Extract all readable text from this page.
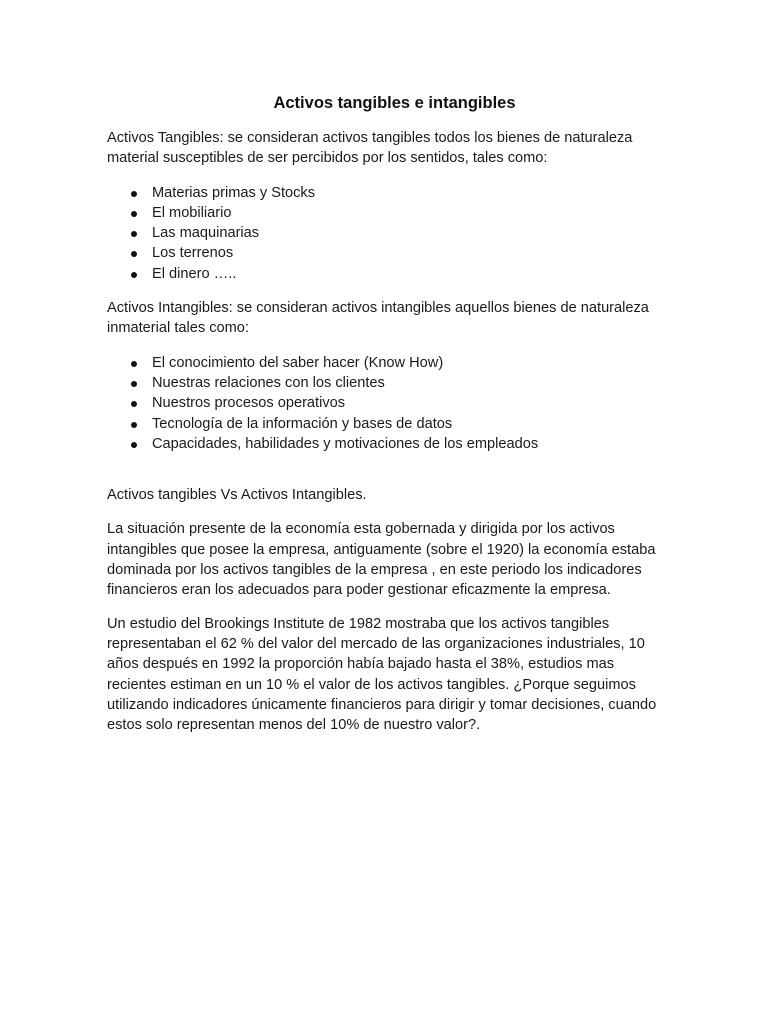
Activos tangibles e intangibles

Activos Tangibles: se consideran activos tangibles todos los bienes de naturaleza material susceptibles de ser percibidos por los sentidos, tales como:

Materias primas y Stocks
El mobiliario
Las maquinarias
Los terrenos
El dinero …..

Activos Intangibles: se consideran activos intangibles aquellos bienes de naturaleza inmaterial tales como:

El conocimiento del saber hacer (Know How)
Nuestras relaciones con los clientes
Nuestros procesos operativos
Tecnología de la información y bases de datos
Capacidades, habilidades y motivaciones de los empleados

Activos tangibles Vs Activos Intangibles.

La situación presente de la economía esta gobernada y dirigida por los activos intangibles que posee la empresa, antiguamente (sobre el 1920) la economía estaba dominada por los activos tangibles de la empresa , en este periodo los indicadores financieros eran los adecuados para poder gestionar eficazmente la empresa.

Un estudio del Brookings Institute de 1982 mostraba que los activos tangibles representaban el 62 % del valor del mercado de las organizaciones industriales, 10 años después en 1992 la proporción había bajado hasta el 38%, estudios mas recientes estiman en un 10 % el valor de los activos tangibles. ¿Porque seguimos utilizando indicadores únicamente financieros para dirigir y tomar decisiones, cuando estos solo representan menos del 10% de nuestro valor?.
